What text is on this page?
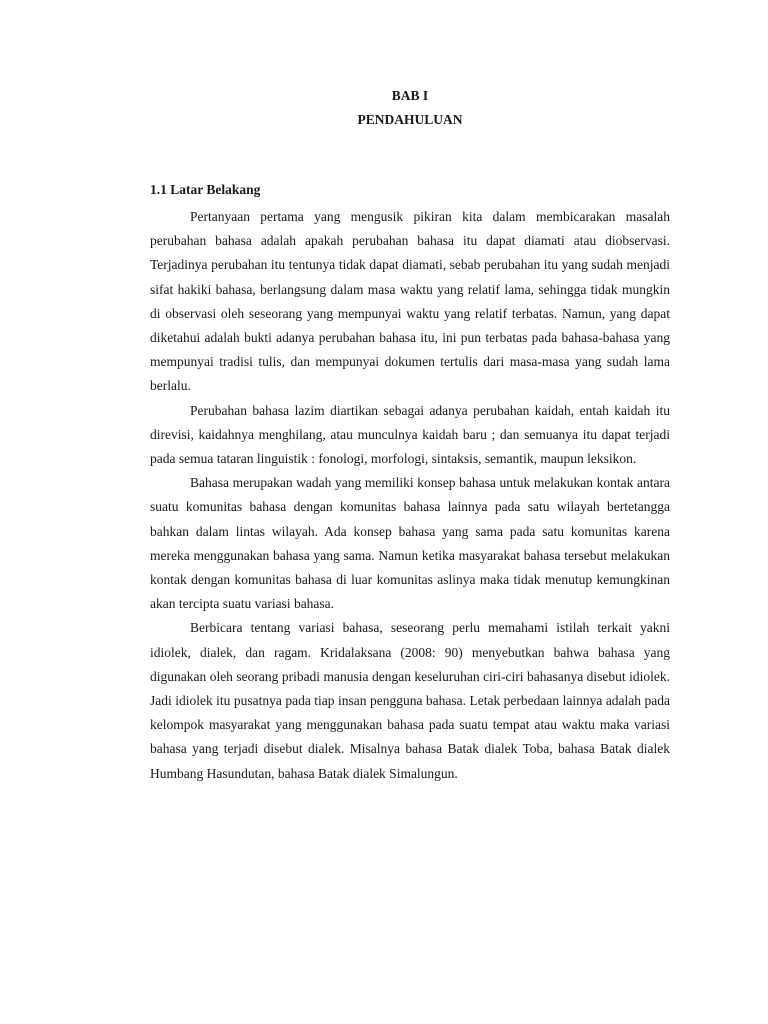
BAB I
PENDAHULUAN
1.1 Latar Belakang

Pertanyaan pertama yang mengusik pikiran kita dalam membicarakan masalah perubahan bahasa adalah apakah perubahan bahasa itu dapat diamati atau diobservasi. Terjadinya perubahan itu tentunya tidak dapat diamati, sebab perubahan itu yang sudah menjadi sifat hakiki bahasa, berlangsung dalam masa waktu yang relatif lama, sehingga tidak mungkin di observasi oleh seseorang yang mempunyai waktu yang relatif terbatas. Namun, yang dapat diketahui adalah bukti adanya perubahan bahasa itu, ini pun terbatas pada bahasa-bahasa yang mempunyai tradisi tulis, dan mempunyai dokumen tertulis dari masa-masa yang sudah lama berlalu.

Perubahan bahasa lazim diartikan sebagai adanya perubahan kaidah, entah kaidah itu direvisi, kaidahnya menghilang, atau munculnya kaidah baru ; dan semuanya itu dapat terjadi pada semua tataran linguistik : fonologi, morfologi, sintaksis, semantik, maupun leksikon.

Bahasa merupakan wadah yang memiliki konsep bahasa untuk melakukan kontak antara suatu komunitas bahasa dengan komunitas bahasa lainnya pada satu wilayah bertetangga bahkan dalam lintas wilayah. Ada konsep bahasa yang sama pada satu komunitas karena mereka menggunakan bahasa yang sama. Namun ketika masyarakat bahasa tersebut melakukan kontak dengan komunitas bahasa di luar komunitas aslinya maka tidak menutup kemungkinan akan tercipta suatu variasi bahasa.

Berbicara tentang variasi bahasa, seseorang perlu memahami istilah terkait yakni idiolek, dialek, dan ragam. Kridalaksana (2008: 90) menyebutkan bahwa bahasa yang digunakan oleh seorang pribadi manusia dengan keseluruhan ciri-ciri bahasanya disebut idiolek. Jadi idiolek itu pusatnya pada tiap insan pengguna bahasa. Letak perbedaan lainnya adalah pada kelompok masyarakat yang menggunakan bahasa pada suatu tempat atau waktu maka variasi bahasa yang terjadi disebut dialek. Misalnya bahasa Batak dialek Toba, bahasa Batak dialek Humbang Hasundutan, bahasa Batak dialek Simalungun.
